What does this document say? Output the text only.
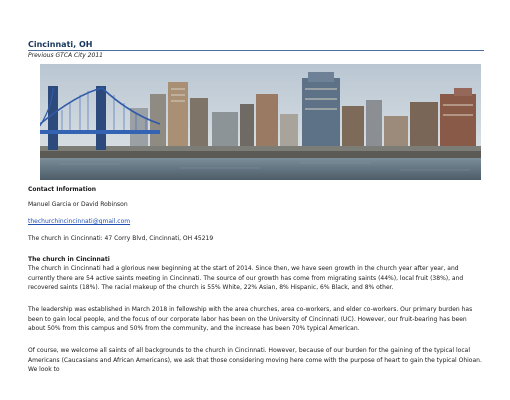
Cincinnati, OH
Previous GTCA City 2011
Contact Information
Manuel Garcia or David Robinson
thechurchincincinnati@gmail.com
The church in Cincinnati: 47 Corry Blvd, Cincinnati, OH 45219
The church in Cincinnati

The church in Cincinnati had a glorious new beginning at the start of 2014. Since then, we have seen growth in the church year after year, and currently there are 54 active saints meeting in Cincinnati. The source of our growth has come from migrating saints (44%), local fruit (38%), and recovered saints (18%). The racial makeup of the church is 55% White, 22% Asian, 8% Hispanic, 6% Black, and 8% other.

The leadership was established in March 2018 in fellowship with the area churches, area co-workers, and elder co-workers. Our primary burden has been to gain local people, and the focus of our corporate labor has been on the University of Cincinnati (UC). However, our fruit-bearing has been about 50% from this campus and 50% from the community, and the increase has been 70% typical American.

Of course, we welcome all saints of all backgrounds to the church in Cincinnati. However, because of our burden for the gaining of the typical local Americans (Caucasians and African Americans), we ask that those considering moving here come with the purpose of heart to gain the typical Ohioan. We look to
